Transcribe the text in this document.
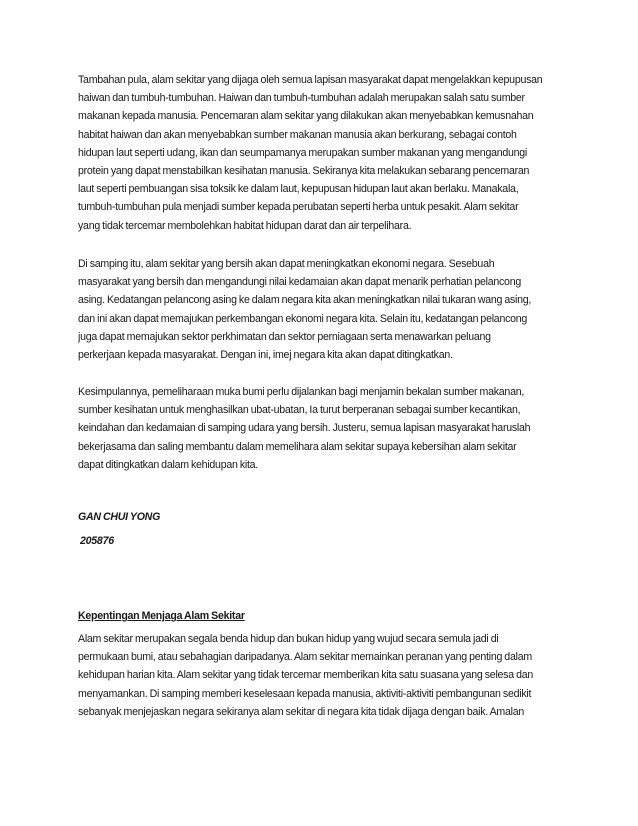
Tambahan pula, alam sekitar yang dijaga oleh semua lapisan masyarakat dapat mengelakkan kepupusan
haiwan dan tumbuh-tumbuhan. Haiwan dan tumbuh-tumbuhan adalah merupakan salah satu sumber
makanan kepada manusia. Pencemaran alam sekitar yang dilakukan akan menyebabkan kemusnahan
habitat haiwan dan akan menyebabkan sumber makanan manusia akan berkurang, sebagai contoh
hidupan laut seperti udang, ikan dan seumpamanya merupakan sumber makanan yang mengandungi
protein yang dapat menstabilkan kesihatan manusia. Sekiranya kita melakukan sebarang pencemaran
laut seperti pembuangan sisa toksik ke dalam laut, kepupusan hidupan laut akan berlaku. Manakala,
tumbuh-tumbuhan pula menjadi sumber kepada perubatan seperti herba untuk pesakit. Alam sekitar
yang tidak tercemar membolehkan habitat hidupan darat dan air terpelihara.
Di samping itu, alam sekitar yang bersih akan dapat meningkatkan ekonomi negara. Sesebuah
masyarakat yang bersih dan mengandungi nilai kedamaian akan dapat menarik perhatian pelancong
asing. Kedatangan pelancong asing ke dalam negara kita akan meningkatkan nilai tukaran wang asing,
dan ini akan dapat memajukan perkembangan ekonomi negara kita. Selain itu, kedatangan pelancong
juga dapat memajukan sektor perkhimatan dan sektor perniagaan serta menawarkan peluang
perkerjaan kepada masyarakat. Dengan ini, imej negara kita akan dapat ditingkatkan.
Kesimpulannya, pemeliharaan muka bumi perlu dijalankan bagi menjamin bekalan sumber makanan,
sumber kesihatan untuk menghasilkan ubat-ubatan, Ia turut berperanan sebagai sumber kecantikan,
keindahan dan kedamaian di samping udara yang bersih. Justeru, semua lapisan masyarakat haruslah
bekerjasama dan saling membantu dalam memelihara alam sekitar supaya kebersihan alam sekitar
dapat ditingkatkan dalam kehidupan kita.
GAN CHUI YONG
205876
Kepentingan Menjaga Alam Sekitar
Alam sekitar merupakan segala benda hidup dan bukan hidup yang wujud secara semula jadi di
permukaan bumi, atau sebahagian daripadanya. Alam sekitar memainkan peranan yang penting dalam
kehidupan harian kita. Alam sekitar yang tidak tercemar memberikan kita satu suasana yang selesa dan
menyamankan. Di samping memberi keselesaan kepada manusia, aktiviti-aktiviti pembangunan sedikit
sebanyak menjejaskan negara sekiranya alam sekitar di negara kita tidak dijaga dengan baik. Amalan
